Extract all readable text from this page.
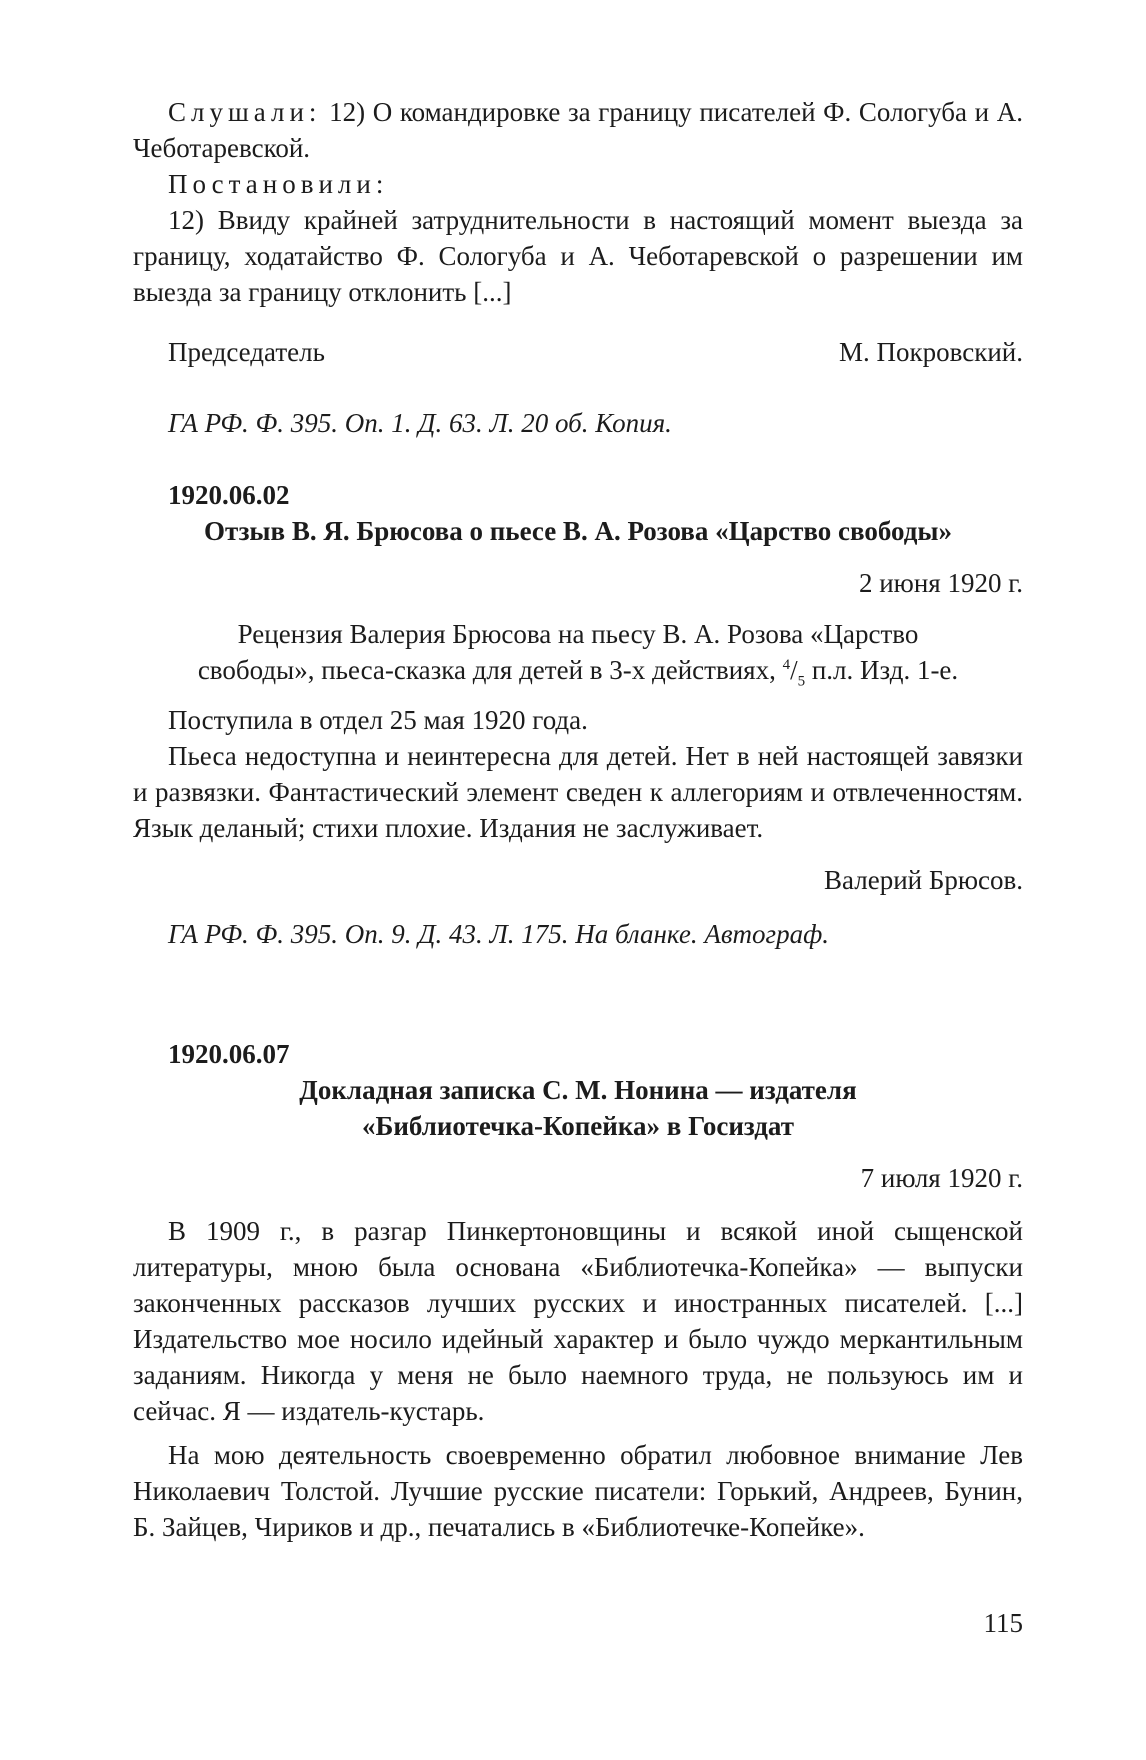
Слушали: 12) О командировке за границу писателей Ф. Сологуба и А. Чеботаревской.

Постановили:

12) Ввиду крайней затруднительности в настоящий момент выезда за границу, ходатайство Ф. Сологуба и А. Чеботаревской о разрешении им выезда за границу отклонить [...]

Председатель	М. Покровский.

ГА РФ. Ф. 395. Оп. 1. Д. 63. Л. 20 об. Копия.

1920.06.02

Отзыв В. Я. Брюсова о пьесе В. А. Розова «Царство свободы»

2 июня 1920 г.

Рецензия Валерия Брюсова на пьесу В. А. Розова «Царство

свободы», пьеса-сказка для детей в 3-х действиях, $^4/_5$ п.л. Изд. 1-е.

Поступила в отдел 25 мая 1920 года.

Пьеса недоступна и неинтересна для детей. Нет в ней настоящей завязки и развязки. Фантастический элемент сведен к аллегориям и отвлеченностям. Язык деланый; стихи плохие. Издания не заслуживает.

Валерий Брюсов.

ГА РФ. Ф. 395. Оп. 9. Д. 43. Л. 175. На бланке. Автограф.

1920.06.07

Докладная записка С. М. Нонина — издателя

«Библиотечка-Копейка» в Госиздат

7 июля 1920 г.

В 1909 г., в разгар Пинкертоновщины и всякой иной сыщенской литературы, мною была основана «Библиотечка-Копейка» — выпуски законченных рассказов лучших русских и иностранных писателей. [...] Издательство мое носило идейный характер и было чуждо меркантильным заданиям. Никогда у меня не было наемного труда, не пользуюсь им и сейчас. Я — издатель-кустарь.

На мою деятельность своевременно обратил любовное внимание Лев Николаевич Толстой. Лучшие русские писатели: Горький, Андреев, Бунин, Б. Зайцев, Чириков и др., печатались в «Библиотечке-Копейке».

115
